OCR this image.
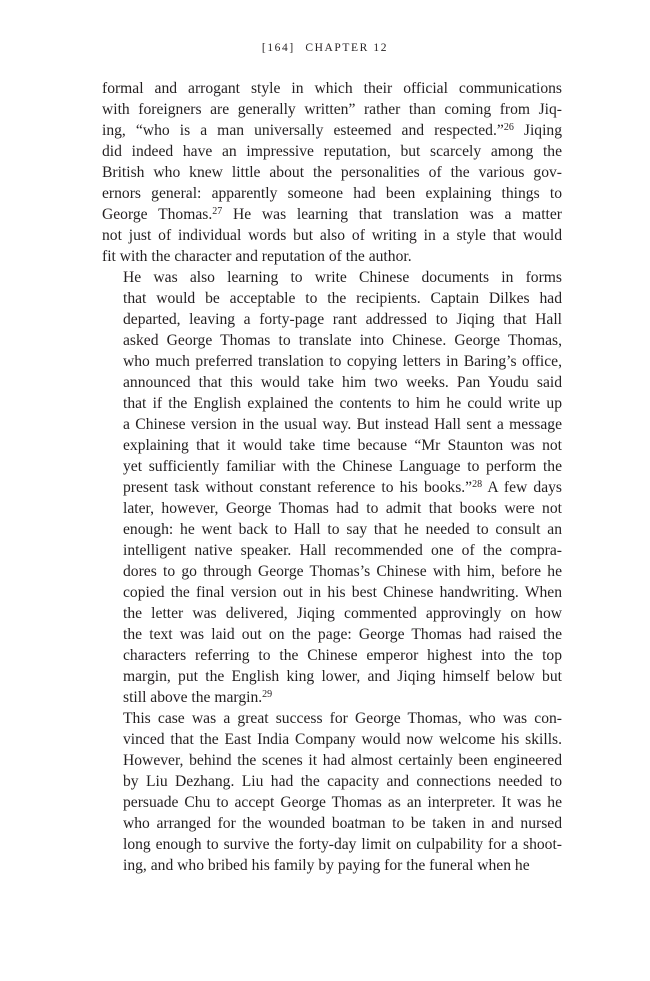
[164] CHAPTER 12

formal and arrogant style in which their official communications
with foreigners are generally written” rather than coming from Jiq-
ing, “who is a man universally esteemed and respected.”$^{26}$ Jiqing
did indeed have an impressive reputation, but scarcely among the
British who knew little about the personalities of the various gov-
ernors general: apparently someone had been explaining things to
George Thomas.$^{27}$ He was learning that translation was a matter
not just of individual words but also of writing in a style that would
fit with the character and reputation of the author.

He was also learning to write Chinese documents in forms
that would be acceptable to the recipients. Captain Dilkes had
departed, leaving a forty-page rant addressed to Jiqing that Hall
asked George Thomas to translate into Chinese. George Thomas,
who much preferred translation to copying letters in Baring’s office,
announced that this would take him two weeks. Pan Youdu said
that if the English explained the contents to him he could write up
a Chinese version in the usual way. But instead Hall sent a message
explaining that it would take time because “Mr Staunton was not
yet sufficiently familiar with the Chinese Language to perform the
present task without constant reference to his books.”$^{28}$ A few days
later, however, George Thomas had to admit that books were not
enough: he went back to Hall to say that he needed to consult an
intelligent native speaker. Hall recommended one of the compra-
dores to go through George Thomas’s Chinese with him, before he
copied the final version out in his best Chinese handwriting. When
the letter was delivered, Jiqing commented approvingly on how
the text was laid out on the page: George Thomas had raised the
characters referring to the Chinese emperor highest into the top
margin, put the English king lower, and Jiqing himself below but
still above the margin.$^{29}$

This case was a great success for George Thomas, who was con-
vinced that the East India Company would now welcome his skills.
However, behind the scenes it had almost certainly been engineered
by Liu Dezhang. Liu had the capacity and connections needed to
persuade Chu to accept George Thomas as an interpreter. It was he
who arranged for the wounded boatman to be taken in and nursed
long enough to survive the forty-day limit on culpability for a shoot-
ing, and who bribed his family by paying for the funeral when he
